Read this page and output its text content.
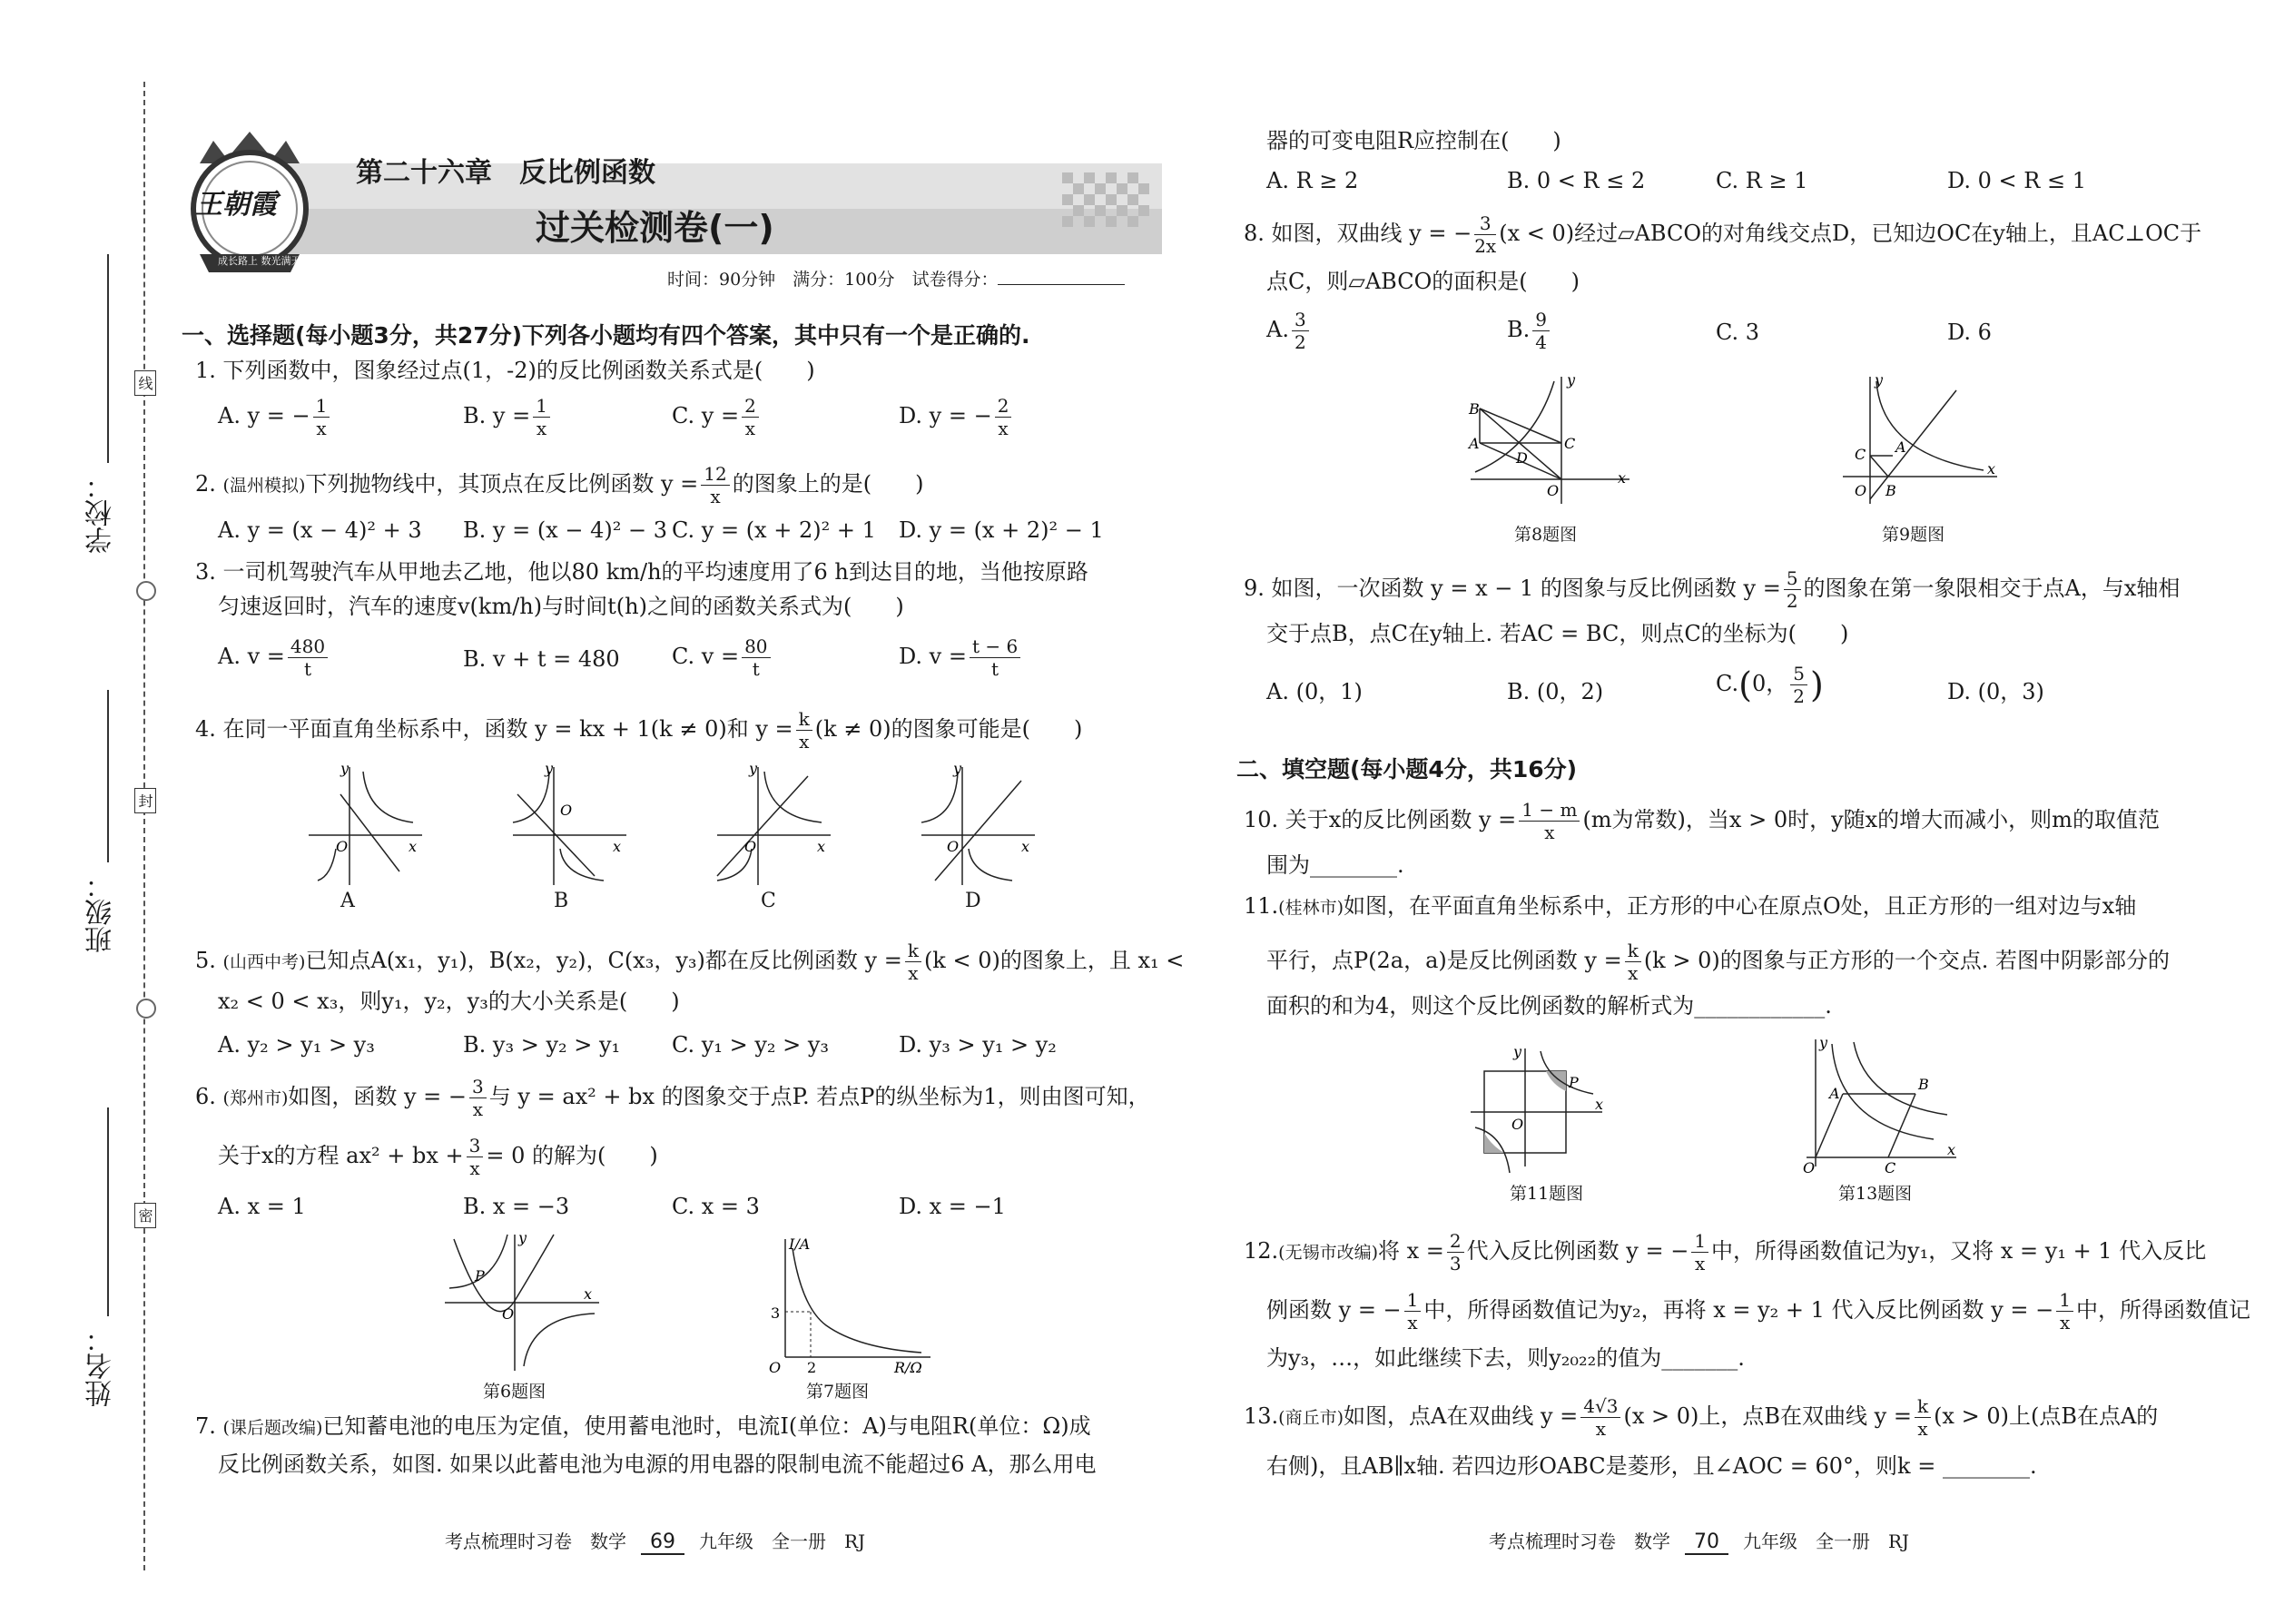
学校：
班级：
姓名：
线
封
密
王朝霞
成长路上 数光满天
第二十六章　反比例函数
过关检测卷(一)
时间：90分钟　满分：100分　试卷得分：
一、选择题(每小题3分，共27分)下列各小题均有四个答案，其中只有一个是正确的.
1. 下列函数中，图象经过点(1，-2)的反比例函数关系式是(　　)
A. y = − $\frac{1}{x}$	B. $y = \frac{1}{x}$	C. $y = \frac{2}{x}$	D. y = − $\frac{2}{x}$
2. (温州模拟)下列抛物线中，其顶点在反比例函数 $y = \frac{12}{x}$ 的图象上的是(　　)
A. y = (x − 4)² + 3 B. y = (x − 4)² − 3 C. y = (x + 2)² + 1 D. y = (x + 2)² − 1
3. 一司机驾驶汽车从甲地去乙地，他以80 km/h的平均速度用了6 h到达目的地，当他按原路
匀速返回时，汽车的速度v(km/h)与时间t(h)之间的函数关系式为(　　)
A. $v = \frac{480}{t}$	B. v + t = 480 C. $v = \frac{80}{t}$	D. $v = \frac{t - 6}{t}$
4. 在同一平面直角坐标系中，函数 y = kx + 1(k ≠ 0)和 $y = \frac{k}{x} (k \ne 0)$的图象可能是(　　)
y
O	x
y
O
x
y
O	x
y
O	x
A	B	C	D
5. (山西中考)已知点A(x₁，y₁)，B(x₂，y₂)，C(x₃，y₃)都在反比例函数 $y = \frac{k}{x} (k < 0)$的图象上，且 x₁ <
x₂ < 0 < x₃，则y₁，y₂，y₃的大小关系是(　　)
A. y₂ > y₁ > y₃	B. y₃ > y₂ > y₁ C. y₁ > y₂ > y₃	D. y₃ > y₁ > y₂
6. (郑州市)如图，函数 y = − $\frac{3}{x}$ 与 y = ax² + bx 的图象交于点P. 若点P的纵坐标为1，则由图可知，
关于x的方程 ax² + bx + $\frac{3}{x} = 0$ 的解为(　　)
A. x = 1	B. x = −3	C. x = 3	D. x = −1
P
y
O
x
第6题图
I/A
3
O 2	R/Ω
第7题图
7. (课后题改编)已知蓄电池的电压为定值，使用蓄电池时，电流I(单位：A)与电阻R(单位：Ω)成
反比例函数关系，如图. 如果以此蓄电池为电源的用电器的限制电流不能超过6 A，那么用电
考点梳理时习卷　数学 69 九年级　全一册　RJ
器的可变电阻R应控制在(　　)
A. R ≥ 2	B. 0 < R ≤ 2	C. R ≥ 1	D. 0 < R ≤ 1
8. 如图，双曲线 y = − $\frac{3}{2x} (x < 0)$经过▱ABCO的对角线交点D，已知边OC在y轴上，且AC⊥OC于
点C，则▱ABCO的面积是(　　)
A. $\frac{3}{2}$	B. $\frac{9}{4}$	C. 3	D. 6
B
A
D
C
O
y
x
第8题图
C A
B
O
y
x
第9题图
9. 如图，一次函数 y = x − 1 的图象与反比例函数 $y = \frac{5}{2}$ 的图象在第一象限相交于点A，与x轴相
交于点B，点C在y轴上. 若AC = BC，则点C的坐标为(　　)
A. (0，1)	B. (0，2)	C.(0， $\frac{5}{2}$ )	D. (0，3)
二、填空题(每小题4分，共16分)
10. 关于x的反比例函数 $y = \frac{1 - m}{x} (m$为常数)，当x > 0时，y随x的增大而减小，则m的取值范
围为________.
11.(桂林市)如图，在平面直角坐标系中，正方形的中心在原点O处，且正方形的一组对边与x轴
平行，点P(2a，a)是反比例函数 $y = \frac{k}{x} (k > 0)$的图象与正方形的一个交点. 若图中阴影部分的
面积的和为4，则这个反比例函数的解析式为____________.
P
O
y
x
第11题图
A
B
C
O
y
x
第13题图
12.(无锡市改编)将 $x = \frac{2}{3}$ 代入反比例函数 y = − $\frac{1}{x}$ 中，所得函数值记为y₁，又将 x = y₁ + 1 代入反比
例函数 y = − $\frac{1}{x}$ 中，所得函数值记为y₂，再将 x = y₂ + 1 代入反比例函数 y = − $\frac{1}{x}$ 中，所得函数值记
为y₃，…，如此继续下去，则y₂₀₂₂的值为_______.
13.(商丘市)如图，点A在双曲线 $y = \frac{4√3}{x} (x > 0)$上，点B在双曲线 $y = \frac{k}{x} (x > 0)$上(点B在点A的
右侧)，且AB∥x轴. 若四边形OABC是菱形，且∠AOC = 60°，则k = ________.
考点梳理时习卷　数学 70 九年级　全一册　RJ
